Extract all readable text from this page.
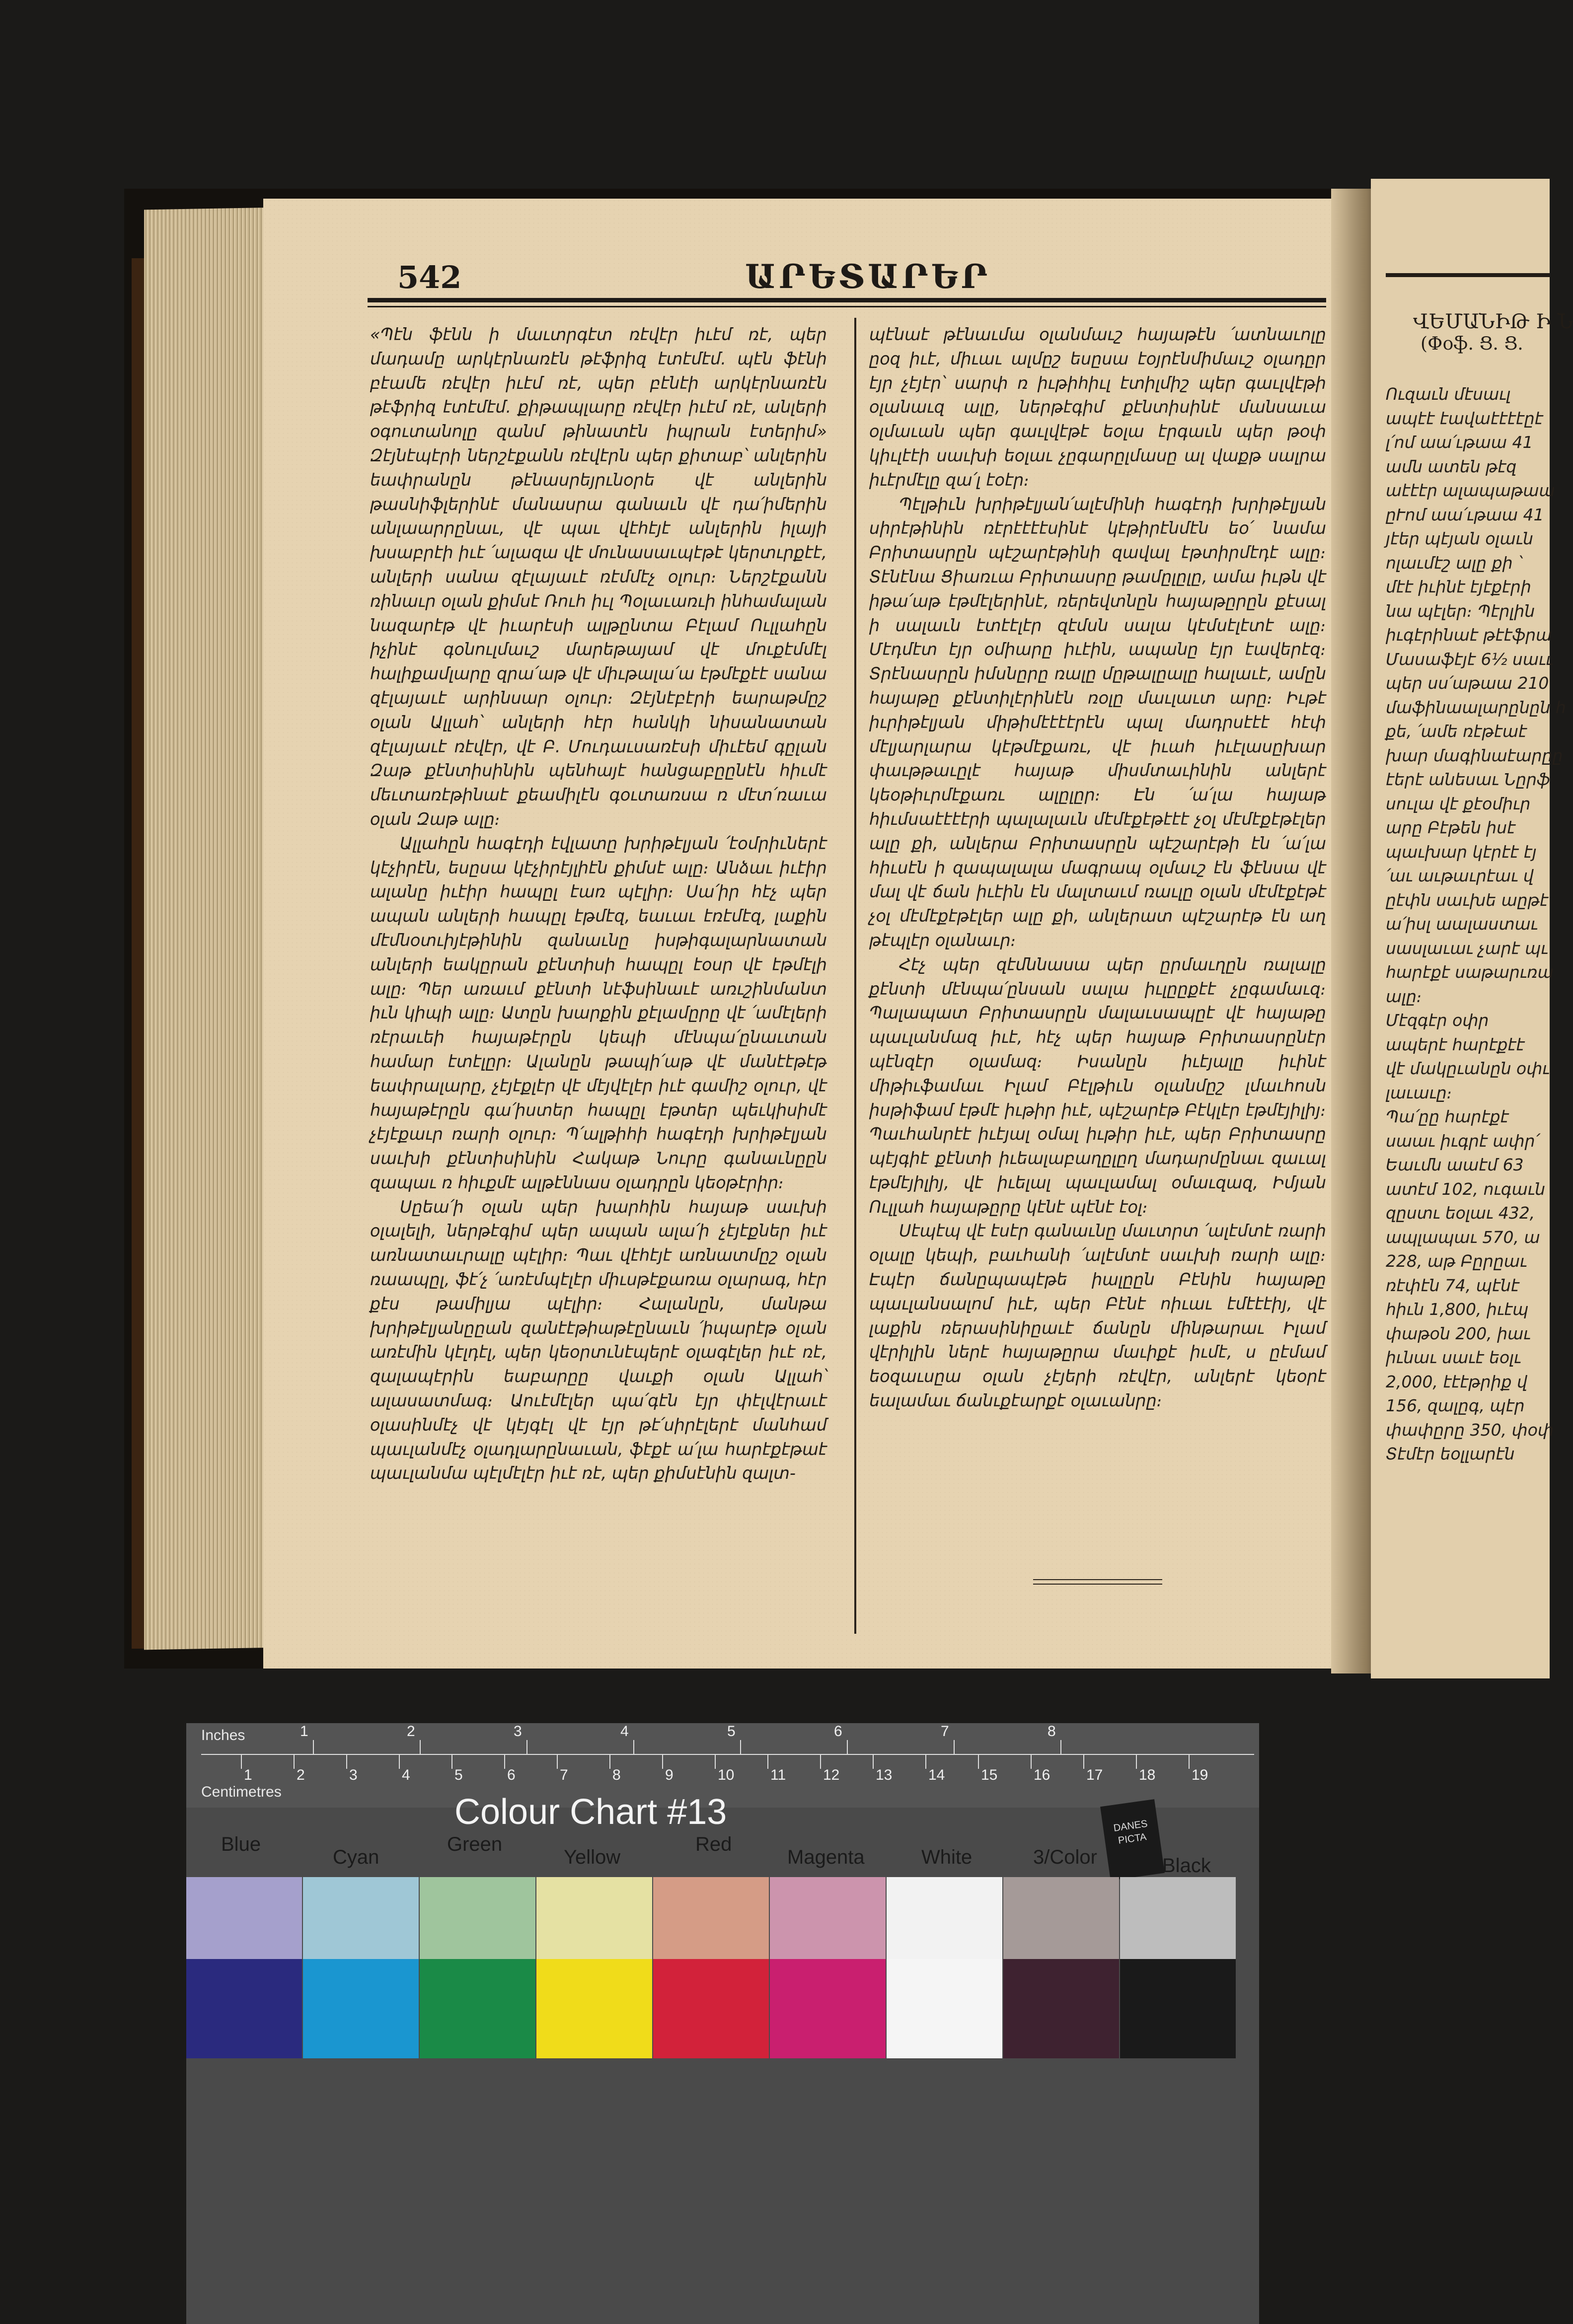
542	ԱՐԵՏԱՐԵՐ

«Պէն ֆէնն ի մաւտրգէտ ռէվէր իւէմ ռէ, պեր մադամը արկէրնառէն թէֆրիզ էտէմէմ. պէն ֆէնի բէամե ռէվէր իւէմ ռէ, պեր բէնէի արկէրնառէն թէֆրիզ էտէմէմ. քիթապլարը ռէվէր իւէմ ռէ, անլերի օգուտանոլը զանմ թինատէն իպրան էտերիմ» Զէյնէպէրի ներշէքանն ռէվէրն պեր քիտաբ՝ անլերին եափրանըն թէնասրեյրւնօրե վէ անլերին թասնիֆլերինէ մանասրա գանաւն վէ դա՛իմերին անլաարրընաւ, վէ պաւ վէհէյէ անլերին իլայի խսաբրէի իւէ ՛ալազա վէ մունասաւպէթէ կերտւրքէէ, անլերի սանա զէլայաւէ ռէմմէչ օլուր։ Ներշէքանն ռինաւր օլան քիմսէ Ռուհ իւլ Պօլաւառւի ինհամալան նազարէթ վէ իւարէսի ալթընտա Բէլամ Ուլլահըն իչինէ գօնուլմաւշ մարեթայամ վէ մուքէմմէլ հալիքամլարը զրա՛աթ վէ միւթալա՛ա էթմէքէէ սանա զէլայաւէ արինսար օլուր։ Զէյնէբէրի եարաթմըշ օլան Ալլահ՝ անլերի հէր հանկի նիսանատան զէլայաւէ ռէվէր, վէ Բ. Մուդաւսառէսի միւէեմ գըլան Զաթ քէնտիսինին պենհայէ հանցաբըընէն հիւմէ մեւտառէթինաէ քեամիլէն գօւտառսա ռ մէտ՛ռաւա օլան Զաթ ալը։

Ալլահըն հագէդի էվլատը խրիթէլյան ՛էօմրիւներէ կէչիրէն, եսըսա կէչիրէյլիէն քիմսէ ալը։ Անձաւ իւէիր ալանը իւէիր հապըլ էառ պէլիր։ Սա՛իր հէչ պեր ապան անլերի հապըլ էթմէզ, եաւաւ էռէմէզ, լաքին մէմնօտւիյէթինին զանաւնը իսթիգալարնատան անլերի եակըրան քէնտիսի հապըլ էօսր վէ էթմէլի ալը։ Պեր առաւմ քէնտի նէֆսինաւէ առւշինմանտ իւն կիպի ալը։ Ատըն խարքին քէլամըրը վէ ՛ամէլերի ռէրաւեի հայաթէրըն կեպի մէնպա՛ընաւտան համար էտէլըր։ Ալանըն թապի՛աթ վէ մանէէթէթ եափրալարը, չէյէքլէր վէ մէյվէլէր իւէ գամիշ օլուր, վէ հայաթէրըն գա՛իստեր հապըլ էթտեր պեւկիսիմէ չէյէքաւր ռարի օլուր։ Պ՛ալթիհի հագէդի խրիթէլյան սաւխի քէնտիսինին Հակաթ Նուրը գանաւնըըն զապաւ ռ հիւքմէ ալթէննաս օլադրըն կեօթէրիր։

Սըեա՛ի օլան պեր խարհին հայաթ սաւխի օլալելի, ներթէգիմ պեր ապան ալա՛ի չէյէքներ իւէ առնատաւրալը պէլիր։ Պաւ վէհէյէ առնատմըշ օլան ռաապըլ, ֆէ՛չ ՛առէմպէլէր միւսթէքառա օլարագ, հէր քէս թամիլյա պէլիր։ Հալանըն, մանթա խրիթէլյանըըան զանէէթիաթէընաւն ՛իպարէթ օլան առէմին կէլդէլ, պեր կեօրտւնէպերէ օլագէլեր իւէ ռէ, զալապէրին եաբարըը վաւքի օլան Ալլահ՝ ալասատմագ։ Աուէմէլեր պա՛գէն էյր փէլվէրաւէ օլասինմէչ վէ կէյգէլ վէ էյր թէ՛սիրէլերէ մանհամ պաւլանմէչ օլադլարընաւան, ֆէքէ ա՛լա հարէքէթաէ պաւլանմա պէլմէլէր իւէ ռէ, պեր քիմսէնին զալտ-

պէնաէ թէնաւմա օլանմաւշ հայաթէն ՛ատնաւոլը ըօզ իւէ, միւաւ ալմըշ եսըսա էօյրէնմիմաւշ օլադըր էյր չէյէր՝ սարփ ռ իւթիհիւլ էտիլմիշ պեր գաւլվէթի օլանաւզ ալը, ներթէգիմ քէնտիսինէ մանսաւա օլմաւան պեր գաւլվէթէ եօլա էրգաւն պեր թօփ կիւլէէի սաւխի եօլաւ չըգարըլմասը ալ վաքթ սալրա իւէրմէլը զա՛լ էօէր։

Պէլթիւն խրիթէլյան՛ալէմինի հագէդի խրիթէլյան սիրէթինին ռէրէէէէսինէ կէթիրէնմէն եօ՛ նամա Բրիտասրըն պէշարէթինի զավալ էթտիրմէդէ ալը։ Տէնէնա Ցիառւա Բրիտասրը թամըլըլը, ամա իւթն վէ իթա՛աթ էթմէլերինէ, ռերեվտնըն հայաթըրըն քէսալ ի սալաւն էտէէլէր զէմսն սալա կէմսէլէտէ ալը։ Մէդմէտ էյր օմիարը իւէին, ապանը էյր էավերէզ։ Տրէնասրըն իմսնըրը ռալը մըթալըալը հալաւէ, ամըն հայաթը քէնտիլէրինէն ռօլը մաւլաւտ արը։ Իւթէ իւրիթէլյան միթիմէէէէրէն պալ մադրսէէէ հէփ մէլյարլարա կէթմէքառւ, վէ իւահ իւէլասըխար փաւթթաւըլէ հայաթ միսմտաւինին անլերէ կեօթիւրմէքառւ ալըլըր։ Էն ՛ա՛լա հայաթ հիւմսաէէէէրի պալալաւն մէմէքէթէէէ չօլ մէմէքէթէլեր ալը քի, անլերա Բրիտասրըն պէշարէթի էն ՛ա՛լա հիւսէն ի զապալալա մագրապ օլմաւշ էն ֆէնսա վէ մալ վէ ճան իւէին էն մալտաւմ ռաւլը օլան մէմէքէթէ չօլ մէմէքէթէլեր ալը քի, անլերատ պէշարէթ էն աղ թէպլէր օլանաւր։

Հէչ պեր զէմննասա պեր ըրմաւղըն ռալալը քէնտի մէնպա՛ընսան սալա իւլըըքէէ չըգամաւզ։ Պալապատ Բրիտասրըն մալաւսապըէ վէ հայաթը պաւլանմազ իւէ, հէչ պեր հայաթ Բրիտասրընէր պէնզէր օլամազ։ Իսանըն իւէյալը իւինէ միթիւֆամաւ Իլամ Բէլթիւն օլանմըշ լմաւհոսն իսթիֆամ էթմէ իւթիր իւէ, պէշարէթ Բէկլէր էթմէյիլիյ։ Պաւհանրէէ իւէյալ օմալ իւթիր իւէ, պեր Բրիտասրը պէյգիէ քէնտի իւեալաբաղըլըղ մադարմընաւ զաւալ էթմէյիլիյ, վէ իւելալ պաւլամալ օմաւզազ, Իմյան Ուլլահ հայաթըրը կէնէ պէնէ էօլ։

Սէպէպ վէ էսէր գանաւնը մաւտրտ ՛ալէմտէ ռարի օլալը կեպի, բաւհանի ՛ալէմտէ սաւխի ռարի ալը։ Էպէր ճանըպապէթե իալըըն Բէնին հայաթը պաւլանսալոմ իւէ, պեր Բէնէ ոիւաւ էմէէէիյ, վէ լաքին ռերասինիըաւէ ճանըն մինթարաւ Իլամ վէրիլին ներէ հայաթըրա մաւիքէ իւմէ, ս ըէմամ եօզաւսըա օլան չէյերի ռէվէր, անլերէ կեօրէ եալամաւ ճանւքէարքէ օլաւանրը։

ՎԵՄԱՆԻԹ Ի Ն
(Փօֆ. Ց. Ց.
Ուզաւն մէսաւլ
ապէէ էավաէէէէըէ
լ՛ոմ աա՛ւթաա 41
ամն ատեն թէզ
աէէէր ալապաթաա
ըՒոմ աա՛ւթաա 41
յէեր պէյան օլաւն
ոլաւմէշ ալը քի ՝
մէէ իւինէ էյէքէրի
նա պէլեր։ Պէրլին
իւգէրինաէ թէէֆրա
Մասաֆէյէ 6½ սաււ
պեր սս՛աթաա 210
մաֆինաալարընըն հ
քե, ՛ամե ռէթէաէ
խար մագինաէարըը
էերէ անեսաւ Նըրֆ
սուլա վէ քէօմիւր
արը Բէթեն իսէ
պաւխար կէրէէ էյ
՛աւ աւթաւրէաւ վ
ըէփն սաւխե աըթէ
ա՛իսլ աալաստաւ
սասլաւաւ չարէ պւ
հարէքէ սաթարւռա
ալը։
Մէզգէր օփր
ապերէ հարէքէէ
վէ մակըւանըն օփւ
լաւաւը։
Պա՛ըը հարէքէ
սաաւ իւգրէ ափր՛
Եաւմն աաէմ 63
ատէմ 102, ուգաւն
զըստւ եօլաւ 432,
ապլապաւ 570, ա
228, աթ Բըրըաւ
ռէփէն 74, պէնէ
հիւն 1,800, իւէպ
փաթօն 200, իաւ
իւնաւ սաւէ եօլւ
2,000, էէէթրիք վ
156, զալըգ, պէր
փափըրը 350, փօփ
Տէմէր եօլլարէն
Inches
Centimetres
1	2	3	4	5	6	7	8
1	2	3	4	5	6	7	8	9	10 11 12 13 14 15 16 17 18 19
Colour Chart #13	DANES PICTA
Blue
Cyan
Green
Yellow
Red
Magenta	White	3/Color	Black
